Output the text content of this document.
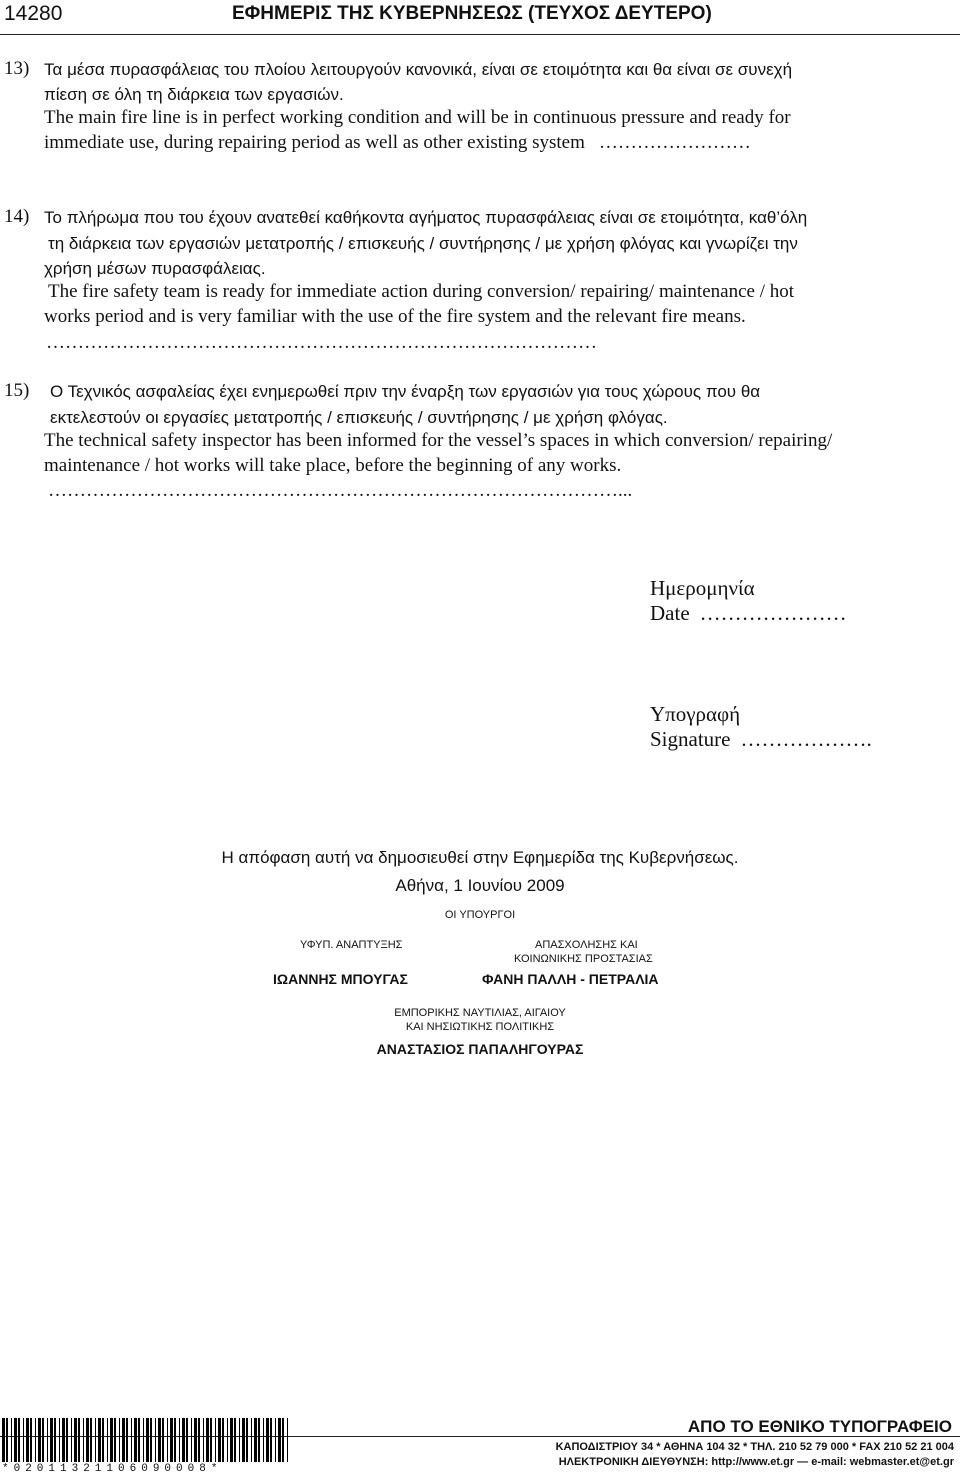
14280	ΕΦΗΜΕΡΙΣ ΤΗΣ ΚΥΒΕΡΝΗΣΕΩΣ (ΤΕΥΧΟΣ ΔΕΥΤΕΡΟ)
13) Τα μέσα πυρασφάλειας του πλοίου λειτουργούν κανονικά, είναι σε ετοιμότητα και θα είναι σε συνεχή
πίεση σε όλη τη διάρκεια των εργασιών.
The main fire line is in perfect working condition and will be in continuous pressure and ready for
immediate use, during repairing period as well as other existing system ……………………
14) Το πλήρωμα που του έχουν ανατεθεί καθήκοντα αγήματος πυρασφάλειας είναι σε ετοιμότητα, καθ’όλη
τη διάρκεια των εργασιών μετατροπής / επισκευής / συντήρησης / με χρήση φλόγας και γνωρίζει την
χρήση μέσων πυρασφάλειας.
The fire safety team is ready for immediate action during conversion/ repairing/ maintenance / hot
works period and is very familiar with the use of the fire system and the relevant fire means.
……………………………………………………………………………
15) Ο Τεχνικός ασφαλείας έχει ενημερωθεί πριν την έναρξη των εργασιών για τους χώρους που θα
εκτελεστούν οι εργασίες μετατροπής / επισκευής / συντήρησης / με χρήση φλόγας.
The technical safety inspector has been informed for the vessel’s spaces in which conversion/ repairing/
maintenance / hot works will take place, before the beginning of any works.
………………………………………………………………………………...
Ημερομηνία
Date …………………
Υπογραφή
Signature ……………….
Η απόφαση αυτή να δημοσιευθεί στην Εφημερίδα της Κυβερνήσεως.
Αθήνα, 1 Ιουνίου 2009
ΟΙ ΥΠΟΥΡΓΟΙ
ΥΦΥΠ. ΑΝΑΠΤΥΞΗΣ
ΙΩΑΝΝΗΣ ΜΠΟΥΓΑΣ
ΑΠΑΣΧΟΛΗΣΗΣ ΚΑΙ
ΚΟΙΝΩΝΙΚΗΣ ΠΡΟΣΤΑΣΙΑΣ
ΦΑΝΗ ΠΑΛΛΗ - ΠΕΤΡΑΛΙΑ
ΕΜΠΟΡΙΚΗΣ ΝΑΥΤΙΛΙΑΣ, ΑΙΓΑΙΟΥ
ΚΑΙ ΝΗΣΙΩΤΙΚΗΣ ΠΟΛΙΤΙΚΗΣ
ΑΝΑΣΤΑΣΙΟΣ ΠΑΠΑΛΗΓΟΥΡΑΣ
*02011321106090008*
ΑΠΟ ΤΟ ΕΘΝΙΚΟ ΤΥΠΟΓΡΑΦΕΙΟ
ΚΑΠΟΔΙΣΤΡΙΟΥ 34 * ΑΘΗΝΑ 104 32 * ΤΗΛ. 210 52 79 000 * FAX 210 52 21 004
ΗΛΕΚΤΡΟΝΙΚΗ ΔΙΕΥΘΥΝΣΗ: http://www.et.gr — e-mail: webmaster.et@et.gr
